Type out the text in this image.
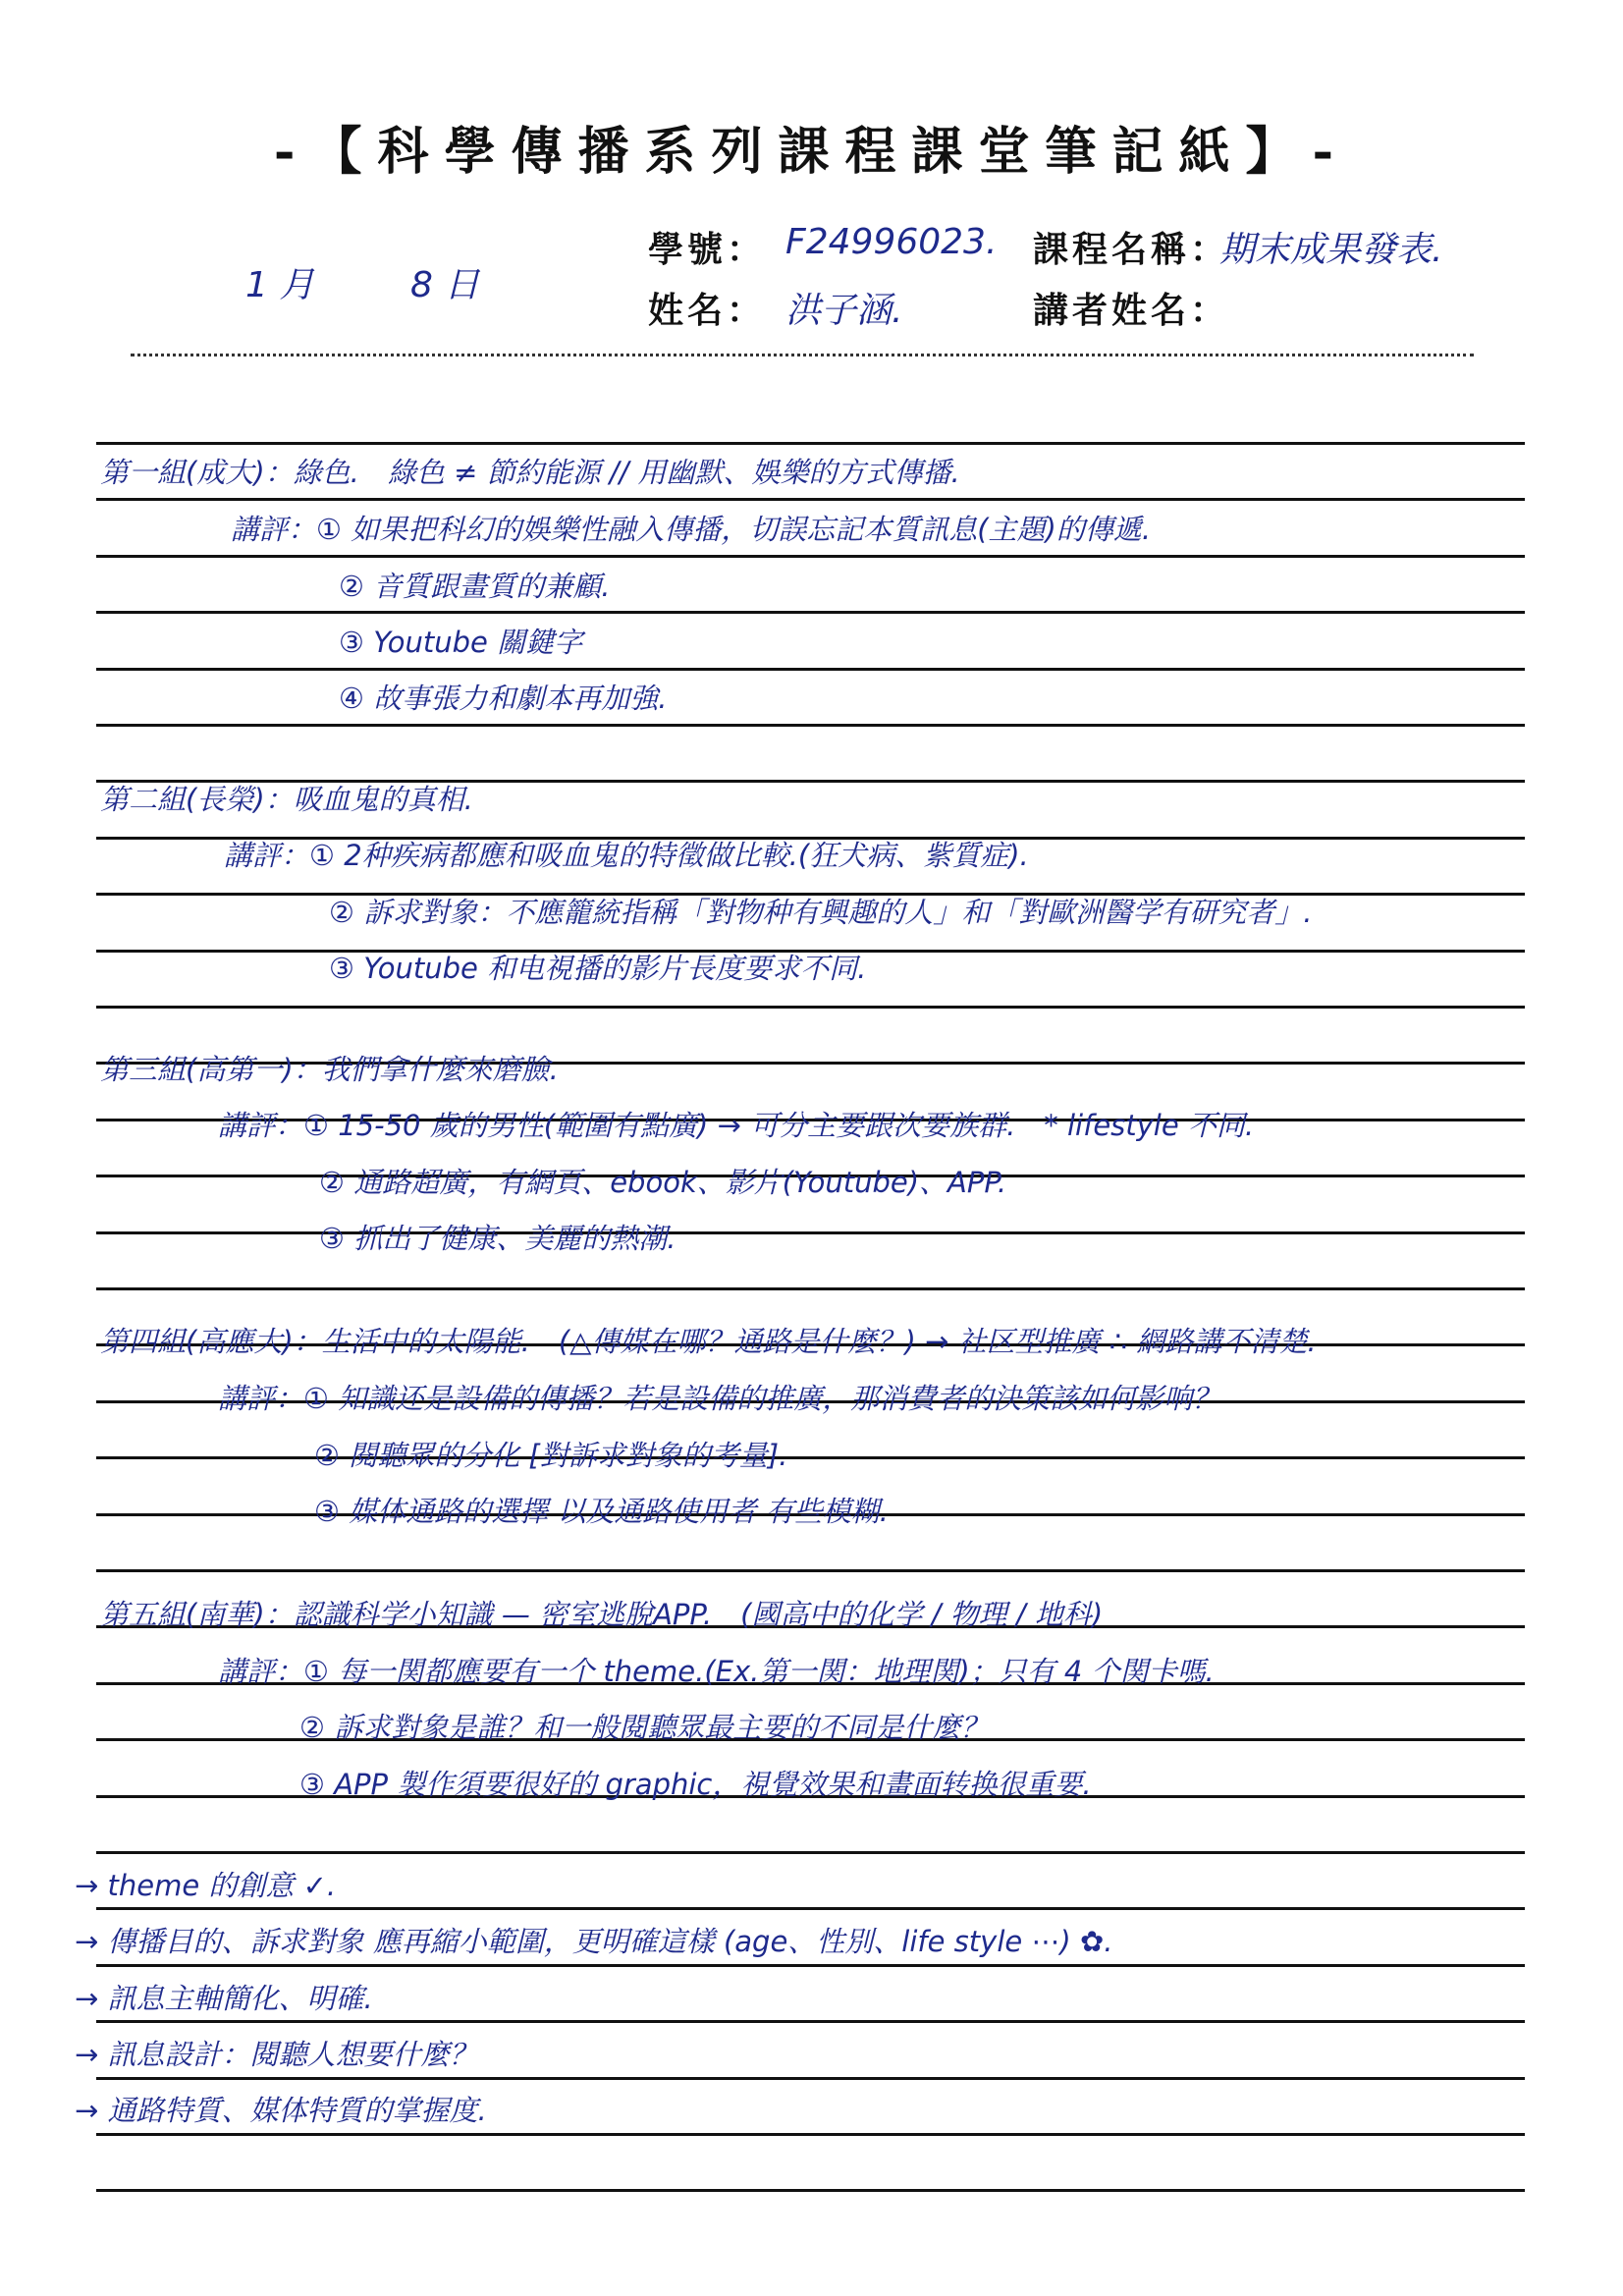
-【科學傳播系列課程課堂筆記紙】-
1 月	8 日
學號： F24996023.
姓名： 洪子涵.
課程名稱：
期末成果發表.
講者姓名：
第一組(成大)：綠色.　綠色 ≠ 節約能源 // 用幽默、娛樂的方式傳播.
講評：① 如果把科幻的娛樂性融入傳播，切誤忘記本質訊息(主題)的傳遞.
② 音質跟畫質的兼顧.
③ Youtube 關鍵字
④ 故事張力和劇本再加強.
第二組(長榮)：吸血鬼的真相.
講評：① 2种疾病都應和吸血鬼的特徵做比較.(狂犬病、紫質症).
② 訴求對象：不應籠統指稱「對物种有興趣的人」和「對歐洲醫学有研究者」.
③ Youtube 和电視播的影片長度要求不同.
第三組(高第一)：我們拿什麼來磨臉.
講評：① 15-50 歲的男性(範圍有點廣) → 可分主要跟次要族群.　* lifestyle 不同.
② 通路超廣，有網頁、ebook、影片(Youtube)、APP.
③ 抓出了健康、美麗的熱潮.
第四組(高應大)：生活中的太陽能.　(△傳媒在哪？通路是什麼？) → 社区型推廣 ∴ 網路講不清楚.
講評：① 知識还是設備的傳播？若是設備的推廣，那消費者的決策該如何影响？
② 閱聽眾的分化 [對訴求對象的考量].
③ 媒体通路的選擇 以及通路使用者 有些模糊.
第五組(南華)：認識科学小知識 — 密室逃脫APP.　(國高中的化学 / 物理 / 地科)
講評：① 每一関都應要有一个 theme.(Ex.第一関：地理関)；只有 4 个関卡嗎.
② 訴求對象是誰？和一般閱聽眾最主要的不同是什麼？
③ APP 製作須要很好的 graphic，視覺效果和畫面转换很重要.
→ theme 的創意 ✓.
→ 傳播目的、訴求對象 應再縮小範圍，更明確這樣 (age、性別、life style ⋯) ✿.
→ 訊息主軸簡化、明確.
→ 訊息設計：閱聽人想要什麼？
→ 通路特質、媒体特質的掌握度.
